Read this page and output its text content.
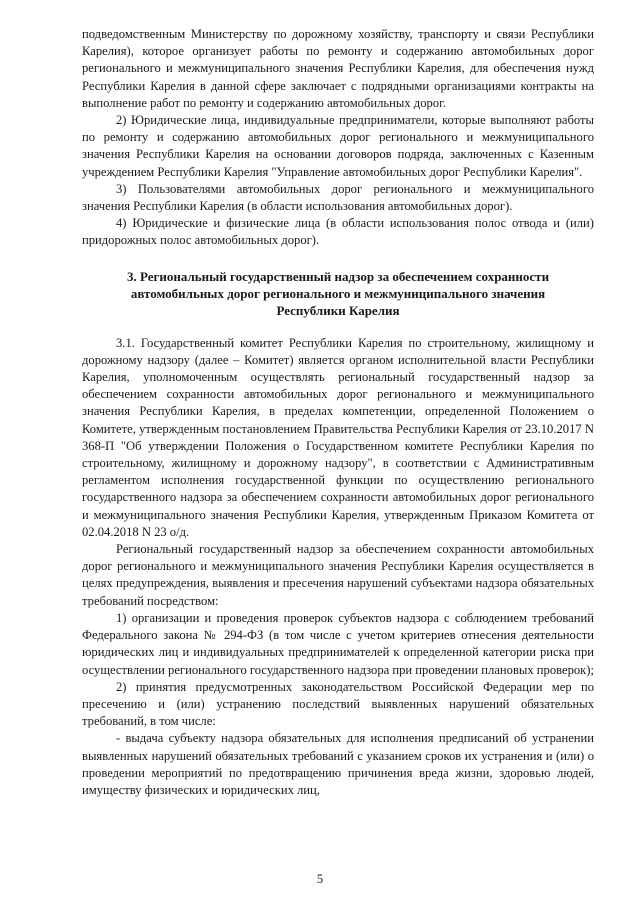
подведомственным Министерству по дорожному хозяйству, транспорту и связи Республики Карелия), которое организует работы по ремонту и содержанию автомобильных дорог регионального и межмуниципального значения Республики Карелия, для обеспечения нужд Республики Карелия в данной сфере заключает с подрядными организациями контракты на выполнение работ по ремонту и содержанию автомобильных дорог.

2) Юридические лица, индивидуальные предприниматели, которые выполняют работы по ремонту и содержанию автомобильных дорог регионального и межмуниципального значения Республики Карелия на основании договоров подряда, заключенных с Казенным учреждением Республики Карелия "Управление автомобильных дорог Республики Карелия".

3) Пользователями автомобильных дорог регионального и межмуниципального значения Республики Карелия (в области использования автомобильных дорог).

4) Юридические и физические лица (в области использования полос отвода и (или) придорожных полос автомобильных дорог).

3. Региональный государственный надзор за обеспечением сохранности автомобильных дорог регионального и межмуниципального значения Республики Карелия

3.1. Государственный комитет Республики Карелия по строительному, жилищному и дорожному надзору (далее – Комитет) является органом исполнительной власти Республики Карелия, уполномоченным осуществлять региональный государственный надзор за обеспечением сохранности автомобильных дорог регионального и межмуниципального значения Республики Карелия, в пределах компетенции, определенной Положением о Комитете, утвержденным постановлением Правительства Республики Карелия от 23.10.2017 N 368-П "Об утверждении Положения о Государственном комитете Республики Карелия по строительному, жилищному и дорожному надзору", в соответствии с Административным регламентом исполнения государственной функции по осуществлению регионального государственного надзора за обеспечением сохранности автомобильных дорог регионального и межмуниципального значения Республики Карелия, утвержденным Приказом Комитета от 02.04.2018 N 23 о/д.

Региональный государственный надзор за обеспечением сохранности автомобильных дорог регионального и межмуниципального значения Республики Карелия осуществляется в целях предупреждения, выявления и пресечения нарушений субъектами надзора обязательных требований посредством:

1) организации и проведения проверок субъектов надзора с соблюдением требований Федерального закона № 294-ФЗ (в том числе с учетом критериев отнесения деятельности юридических лиц и индивидуальных предпринимателей к определенной категории риска при осуществлении регионального государственного надзора при проведении плановых проверок);

2) принятия предусмотренных законодательством Российской Федерации мер по пресечению и (или) устранению последствий выявленных нарушений обязательных требований, в том числе:

- выдача субъекту надзора обязательных для исполнения предписаний об устранении выявленных нарушений обязательных требований с указанием сроков их устранения и (или) о проведении мероприятий по предотвращению причинения вреда жизни, здоровью людей, имуществу физических и юридических лиц,

5
